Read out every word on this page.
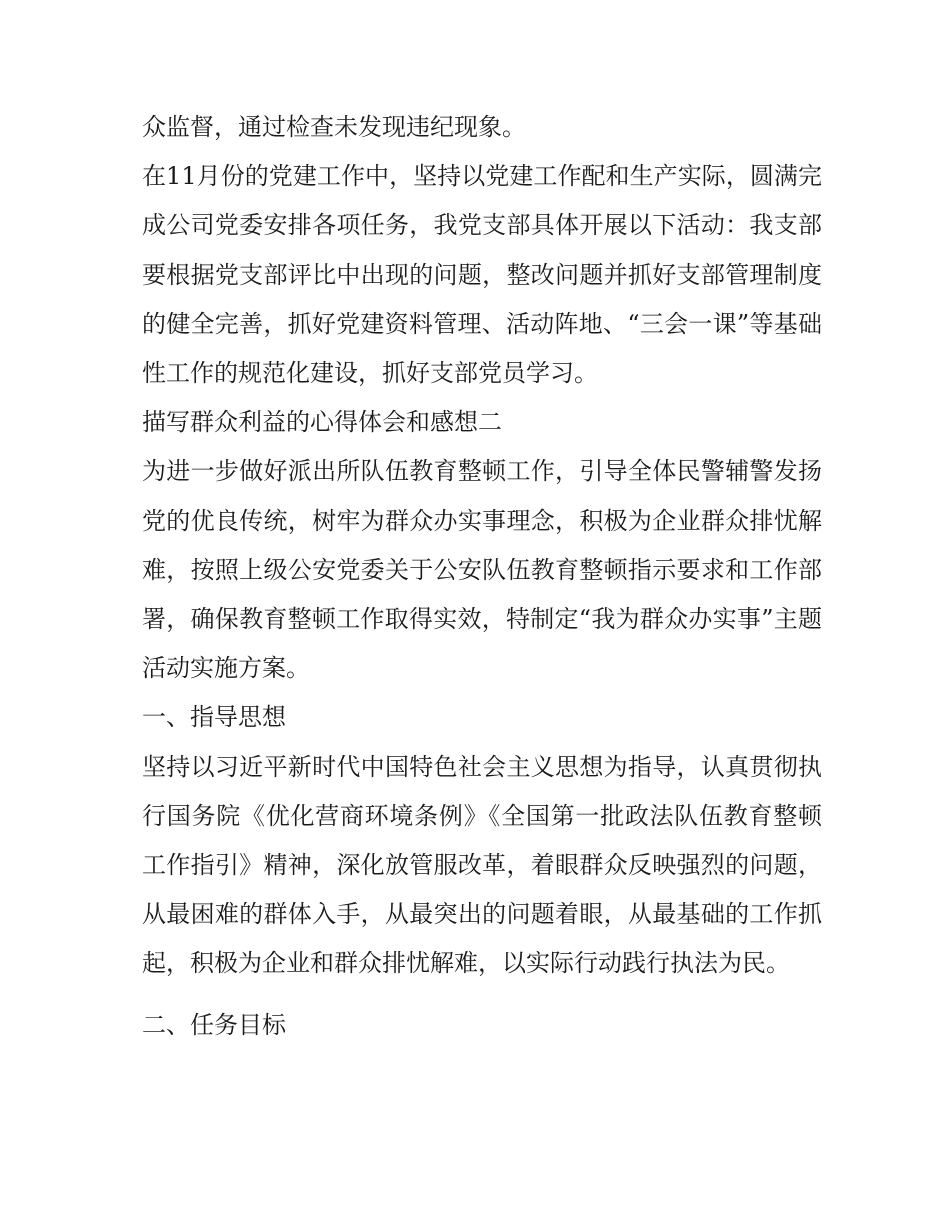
众监督，通过检查未发现违纪现象。

在11月份的党建工作中，坚持以党建工作配和生产实际，圆满完成公司党委安排各项任务，我党支部具体开展以下活动：我支部要根据党支部评比中出现的问题，整改问题并抓好支部管理制度的健全完善，抓好党建资料管理、活动阵地、“三会一课”等基础性工作的规范化建设，抓好支部党员学习。

描写群众利益的心得体会和感想二

为进一步做好派出所队伍教育整顿工作，引导全体民警辅警发扬党的优良传统，树牢为群众办实事理念，积极为企业群众排忧解难，按照上级公安党委关于公安队伍教育整顿指示要求和工作部署，确保教育整顿工作取得实效，特制定“我为群众办实事”主题活动实施方案。

一、指导思想

坚持以习近平新时代中国特色社会主义思想为指导，认真贯彻执行国务院《优化营商环境条例》《全国第一批政法队伍教育整顿工作指引》精神，深化放管服改革，着眼群众反映强烈的问题，从最困难的群体入手，从最突出的问题着眼，从最基础的工作抓起，积极为企业和群众排忧解难，以实际行动践行执法为民。

二、任务目标
